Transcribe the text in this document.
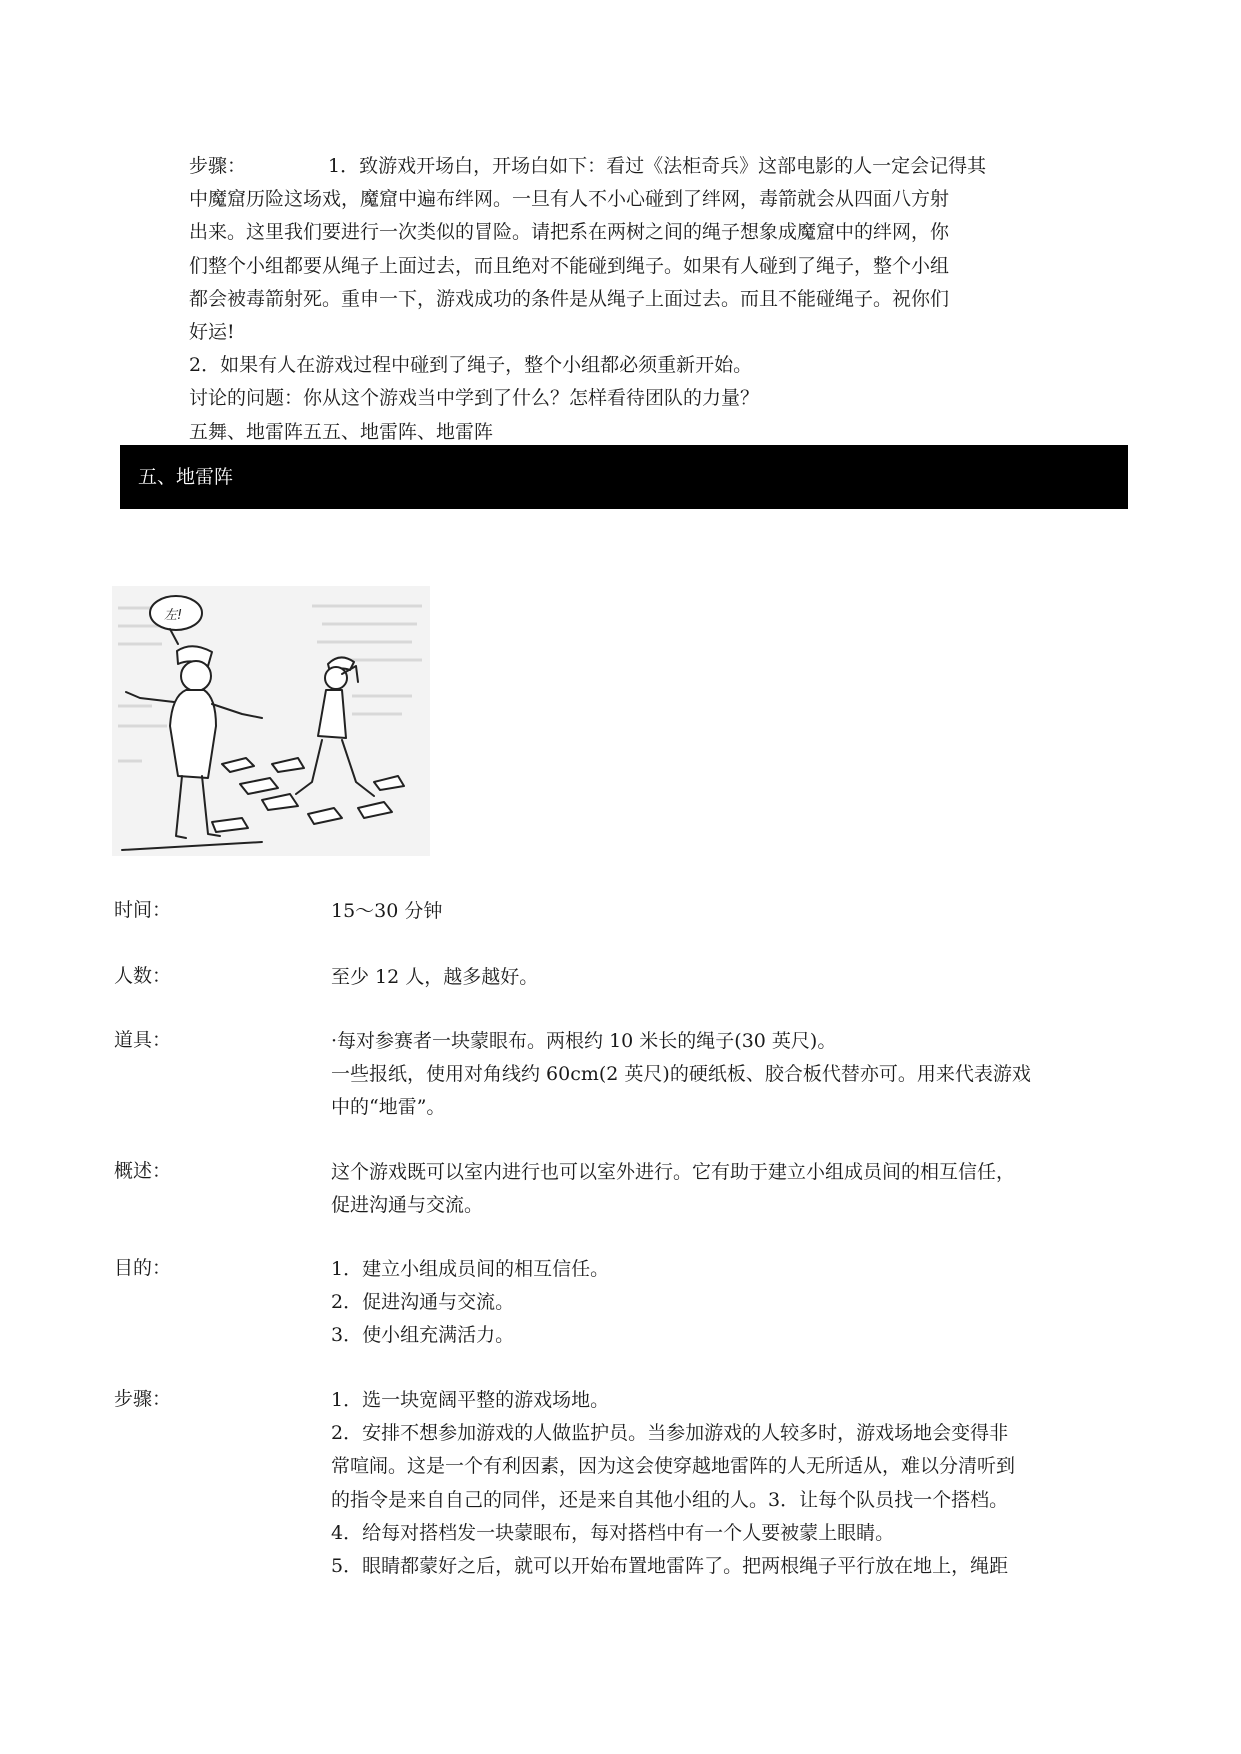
步骤：	1．致游戏开场白，开场白如下：看过《法柜奇兵》这部电影的人一定会记得其

中魔窟历险这场戏，魔窟中遍布绊网。一旦有人不小心碰到了绊网，毒箭就会从四面八方射

出来。这里我们要进行一次类似的冒险。请把系在两树之间的绳子想象成魔窟中的绊网，你

们整个小组都要从绳子上面过去，而且绝对不能碰到绳子。如果有人碰到了绳子，整个小组

都会被毒箭射死。重申一下，游戏成功的条件是从绳子上面过去。而且不能碰绳子。祝你们

好运!

2．如果有人在游戏过程中碰到了绳子，整个小组都必须重新开始。

讨论的问题：你从这个游戏当中学到了什么？怎样看待团队的力量？

五舞、地雷阵五五、地雷阵、地雷阵

五、地雷阵
左!
时间：	15～30 分钟

人数：	至少 12 人，越多越好。

道具：	·每对参赛者一块蒙眼布。两根约 10 米长的绳子(30 英尺)。

一些报纸，使用对角线约 60cm(2 英尺)的硬纸板、胶合板代替亦可。用来代表游戏

中的“地雷”。

概述：	这个游戏既可以室内进行也可以室外进行。它有助于建立小组成员间的相互信任，

促进沟通与交流。

目的：	1．建立小组成员间的相互信任。

2．促进沟通与交流。

3．使小组充满活力。

步骤：	1．选一块宽阔平整的游戏场地。

2．安排不想参加游戏的人做监护员。当参加游戏的人较多时，游戏场地会变得非

常喧闹。这是一个有利因素，因为这会使穿越地雷阵的人无所适从，难以分清听到

的指令是来自自己的同伴，还是来自其他小组的人。3．让每个队员找一个搭档。

4．给每对搭档发一块蒙眼布，每对搭档中有一个人要被蒙上眼睛。

5．眼睛都蒙好之后，就可以开始布置地雷阵了。把两根绳子平行放在地上，绳距
